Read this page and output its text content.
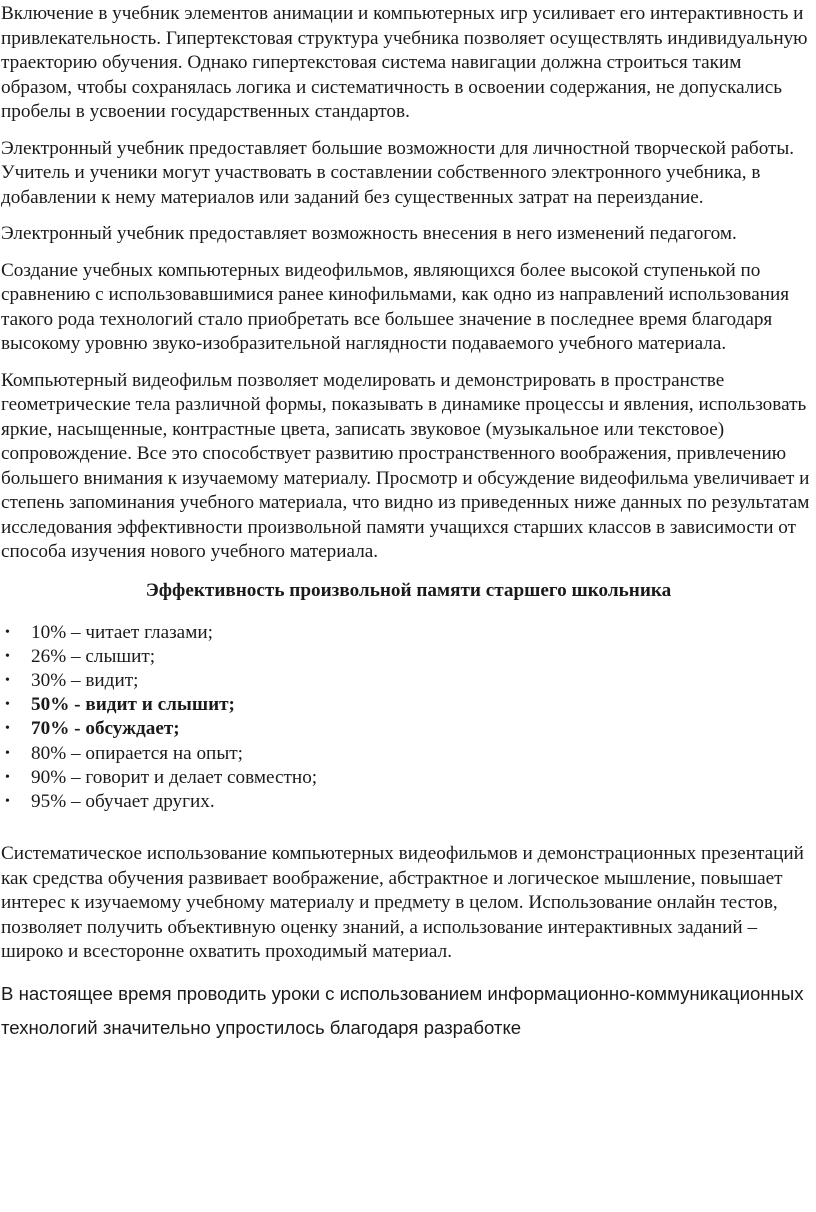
Включение в учебник элементов анимации и компьютерных игр усиливает его интерактивность и привлекательность. Гипертекстовая структура учебника позволяет осуществлять индивидуальную траекторию обучения. Однако гипертекстовая система навигации должна строиться таким образом, чтобы сохранялась логика и систематичность в освоении содержания, не допускались пробелы в усвоении государственных стандартов.

Электронный учебник предоставляет большие возможности для личностной творческой работы. Учитель и ученики могут участвовать в составлении собственного электронного учебника, в добавлении к нему материалов или заданий без существенных затрат на переиздание.

Электронный учебник предоставляет возможность внесения в него изменений педагогом.

Создание учебных компьютерных видеофильмов, являющихся более высокой ступенькой по сравнению с использовавшимися ранее кинофильмами, как одно из направлений использования такого рода технологий стало приобретать все большее значение в последнее время благодаря высокому уровню звуко-изобразительной наглядности подаваемого учебного материала.

Компьютерный видеофильм позволяет моделировать и демонстрировать в пространстве геометрические тела различной формы, показывать в динамике процессы и явления, использовать яркие, насыщенные, контрастные цвета, записать звуковое (музыкальное или текстовое) сопровождение. Все это способствует развитию пространственного воображения, привлечению большего внимания к изучаемому материалу. Просмотр и обсуждение видеофильма увеличивает и степень запоминания учебного материала, что видно из приведенных ниже данных по результатам исследования эффективности произвольной памяти учащихся старших классов в зависимости от способа изучения нового учебного материала.

Эффективность произвольной памяти старшего школьника
• 10% – читает глазами;
• 26% – слышит;
• 30% – видит;
• 50% - видит и слышит;
• 70% - обсуждает;
• 80% – опирается на опыт;
• 90% – говорит и делает совместно;
• 95% – обучает других.

Систематическое использование компьютерных видеофильмов и демонстрационных презентаций как средства обучения развивает воображение, абстрактное и логическое мышление, повышает интерес к изучаемому учебному материалу и предмету в целом. Использование онлайн тестов, позволяет получить объективную оценку знаний, а использование интерактивных заданий – широко и всесторонне охватить проходимый материал.

В настоящее время проводить уроки с использованием информационно-коммуникационных технологий значительно упростилось благодаря разработке
